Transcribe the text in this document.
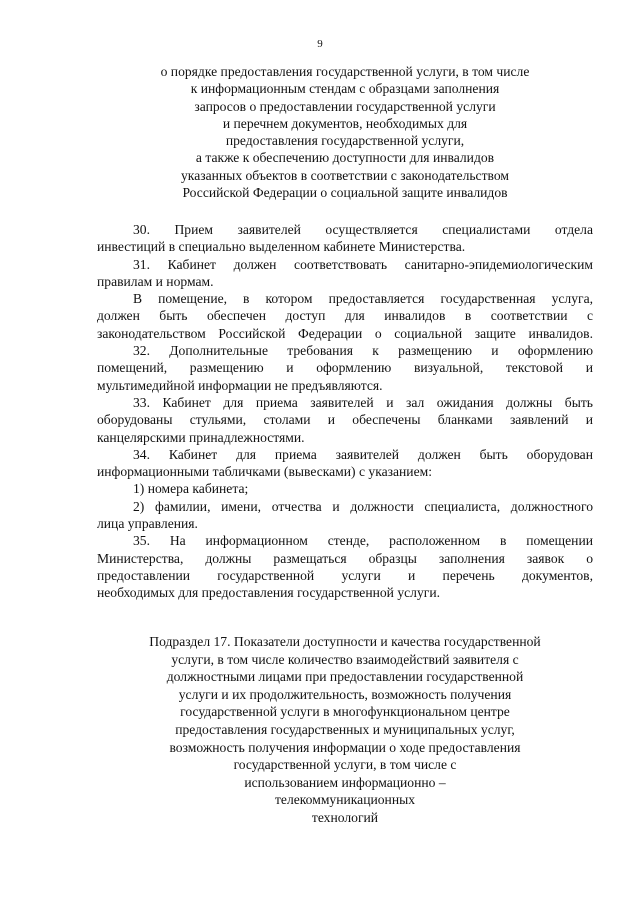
9
о порядке предоставления государственной услуги, в том числе
к информационным стендам с образцами заполнения
запросов о предоставлении государственной услуги
и перечнем документов, необходимых для
предоставления государственной услуги,
а также к обеспечению доступности для инвалидов
указанных объектов в соответствии с законодательством
Российской Федерации о социальной защите инвалидов
30. Прием заявителей осуществляется специалистами отдела
инвестиций в специально выделенном кабинете Министерства.
31. Кабинет должен соответствовать санитарно-эпидемиологическим
правилам и нормам.
В помещение, в котором предоставляется государственная услуга,
должен быть обеспечен доступ для инвалидов в соответствии с
законодательством Российской Федерации о социальной защите инвалидов.
32. Дополнительные требования к размещению и оформлению
помещений, размещению и оформлению визуальной, текстовой и
мультимедийной информации не предъявляются.
33. Кабинет для приема заявителей и зал ожидания должны быть
оборудованы стульями, столами и обеспечены бланками заявлений и
канцелярскими принадлежностями.
34. Кабинет для приема заявителей должен быть оборудован
информационными табличками (вывесками) с указанием:
1) номера кабинета;
2) фамилии, имени, отчества и должности специалиста, должностного
лица управления.
35. На информационном стенде, расположенном в помещении
Министерства, должны размещаться образцы заполнения заявок о
предоставлении государственной услуги и перечень документов,
необходимых для предоставления государственной услуги.
Подраздел 17. Показатели доступности и качества государственной
услуги, в том числе количество взаимодействий заявителя с
должностными лицами при предоставлении государственной
услуги и их продолжительность, возможность получения
государственной услуги в многофункциональном центре
предоставления государственных и муниципальных услуг,
возможность получения информации о ходе предоставления
государственной услуги, в том числе с
использованием информационно –
телекоммуникационных
технологий
